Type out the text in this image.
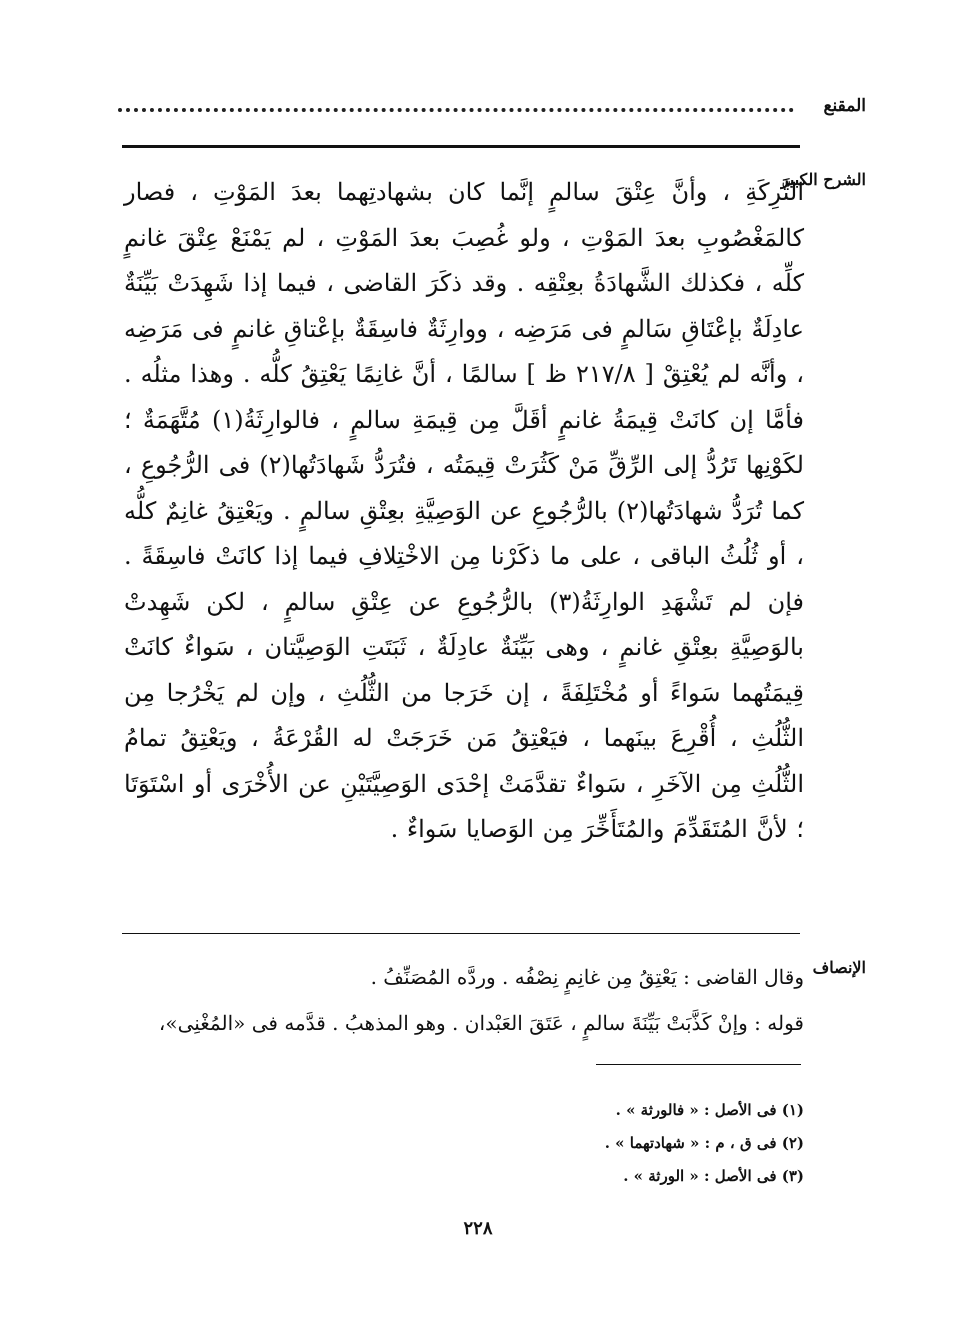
المقنع
الشرح الكبير

التَّرِكَةِ ، وأنَّ عِتْقَ سالمٍ إنَّما كان بشهادتِهما بعدَ المَوْتِ ، فصار كالمَغْصُوبِ بعدَ المَوْتِ ، ولو غُصِبَ بعدَ المَوْتِ ، لم يَمْنَعْ عِتْقَ غانمٍ كلِّه ، فكذلك الشَّهادَةُ بعِتْقِه . وقد ذكَرَ القاضى ، فيما إذا شَهِدَتْ بَيِّنَةٌ عادِلَةٌ بإعْتَاقِ سَالمٍ فى مَرَضِه ، ووارِثَةٌ فاسِقَةٌ بإعْتاقِ غانمٍ فى مَرَضِه ، وأنَّه لم يُعْتِقْ [ ٢١٧/٨ ظ ] سالمًا ، أنَّ غانِمًا يَعْتِقُ كلُّه . وهذا مثلُه . فأمَّا إن كانَتْ قِيمَةُ غانمٍ أقَلَّ مِن قِيمَةِ سالمٍ ، فالوارِثَةُ(١) مُتَّهَمَةٌ ؛ لكَوْنِها تَرُدُّ إلى الرِّقِّ مَنْ كَثُرَتْ قِيمَتُه ، فتُرَدُّ شَهادَتُها(٢) فى الرُّجُوعِ ، كما تُرَدُّ شهادَتُها(٢) بالرُّجُوعِ عن الوَصِيَّةِ بعِتْقِ سالمٍ . ويَعْتِقُ غانِمٌ كلُّه ، أو ثُلُثُ الباقى ، على ما ذكَرْنا مِن الاخْتِلافِ فيما إذا كانَتْ فاسِقَةً . فإن لم تَشْهَدِ الوارِثَةُ(٣) بالرُّجُوعِ عن عِتْقِ سالمٍ ، لكن شَهِدتْ بالوَصِيَّةِ بعِتْقِ غانمٍ ، وهى بَيِّنَةٌ عادِلَةٌ ، ثَبَتَتِ الوَصِيَّتان ، سَواءٌ كانَتْ قِيمَتُهما سَواءً أو مُخْتَلِفَةً ، إن خَرَجا من الثُّلُثِ ، وإن لم يَخْرُجا مِن الثُّلُثِ ، أُقْرِعَ بينَهما ، فيَعْتِقُ مَن خَرَجَتْ له القُرْعَةُ ، ويَعْتِقُ تمامُ الثُّلُثِ مِن الآخَرِ ، سَواءٌ تقدَّمَتْ إحْدَى الوَصِيَّتَيْنِ عن الأُخْرَى أو اسْتَوَتَا ؛ لأنَّ المُتَقَدِّمَ والمُتَأَخِّرَ مِن الوَصايا سَواءٌ .

الإنصاف

وقال القاضى : يَعْتِقُ مِن غانِمٍ نِصْفُه . وردَّه المُصَنِّفُ .

قوله : وإنْ كَذَّبَتْ بَيِّنَةَ سالمٍ ، عَتَقَ العَبْدان . وهو المذهبُ . قدَّمه فى «المُغْنِى»،

(١) فى الأصل : « فالورثة » .
(٢) فى ق ، م : « شهادتهما » .
(٣) فى الأصل : « الورثة » .
٢٢٨
